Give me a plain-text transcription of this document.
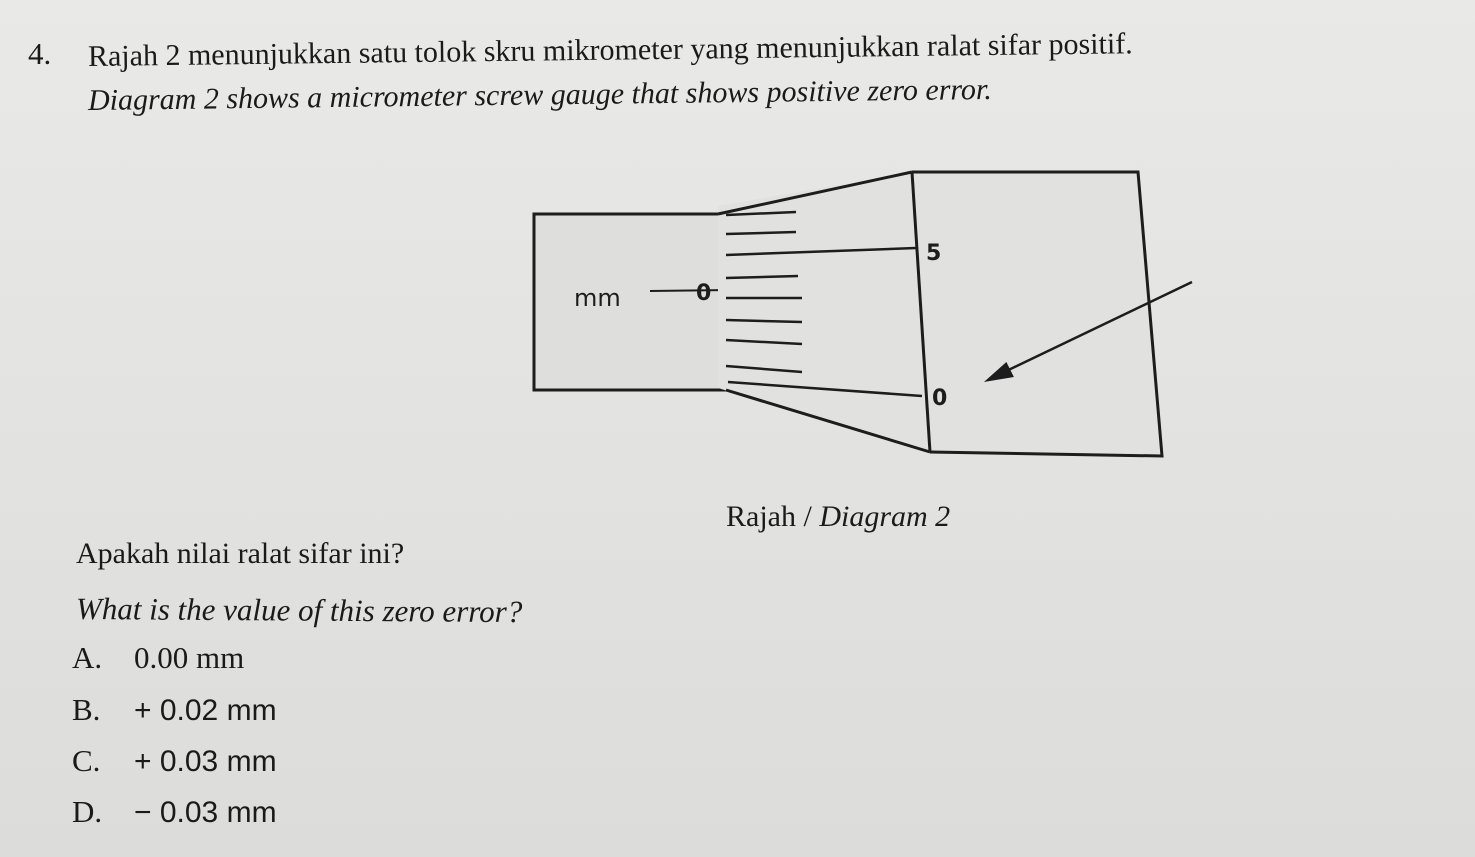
4. Rajah 2 menunjukkan satu tolok skru mikrometer yang menunjukkan ralat sifar positif.
Diagram 2 shows a micrometer screw gauge that shows positive zero error.
mm	0
5
0
Rajah / Diagram 2
Apakah nilai ralat sifar ini?
What is the value of this zero error?
A.	0.00 mm
B.	+ 0.02 mm
C.	+ 0.03 mm
D.	− 0.03 mm
